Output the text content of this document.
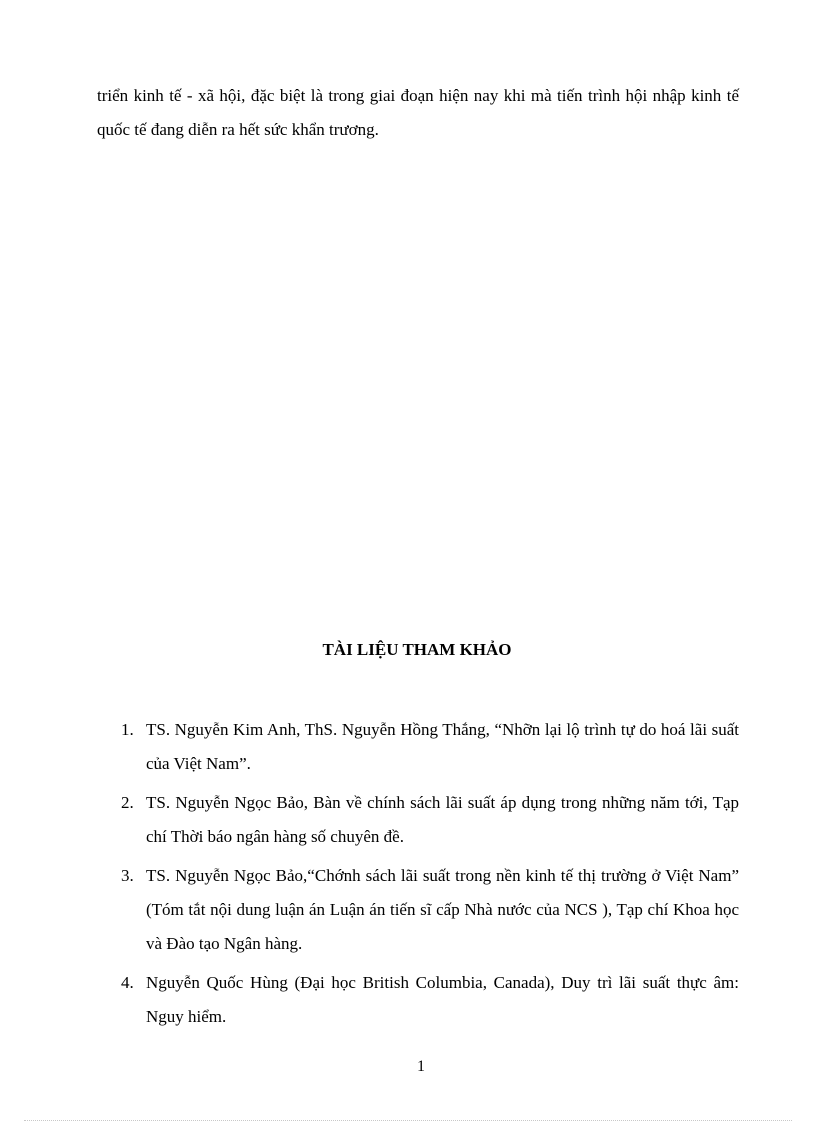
triển kinh tế - xã hội, đặc biệt là trong giai đoạn hiện nay khi mà tiến trình hội nhập kinh tế quốc tế đang diễn ra hết sức khẩn trương.

TÀI LIỆU THAM KHẢO
1. TS. Nguyễn Kim Anh, ThS. Nguyễn Hồng Thắng, “Nhỡn lại lộ trình tự do hoá lãi suất của Việt Nam”.
2. TS. Nguyễn Ngọc Bảo, Bàn về chính sách lãi suất áp dụng trong những năm tới, Tạp chí Thời báo ngân hàng số chuyên đề.
3. TS. Nguyễn Ngọc Bảo,“Chớnh sách lãi suất trong nền kinh tế thị trường ở Việt Nam” (Tóm tắt nội dung luận án Luận án tiến sĩ cấp Nhà nước của NCS ), Tạp chí Khoa học và Đào tạo Ngân hàng.
4. Nguyễn Quốc Hùng (Đại học British Columbia, Canada), Duy trì lãi suất thực âm: Nguy hiểm.
1
